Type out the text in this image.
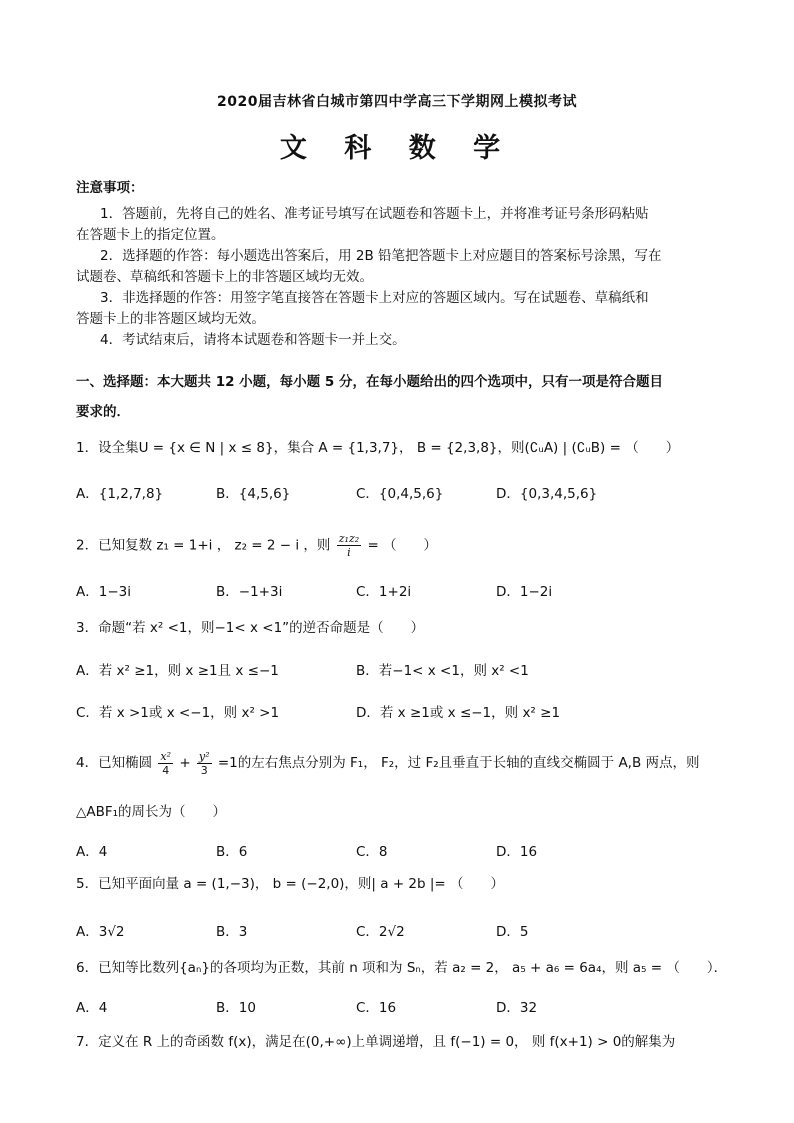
2020届吉林省白城市第四中学高三下学期网上模拟考试
文 科 数 学
注意事项：
1．答题前，先将自己的姓名、准考证号填写在试题卷和答题卡上，并将准考证号条形码粘贴
在答题卡上的指定位置。
2．选择题的作答：每小题选出答案后，用 2B 铅笔把答题卡上对应题目的答案标号涂黑，写在
试题卷、草稿纸和答题卡上的非答题区域均无效。
3．非选择题的作答：用签字笔直接答在答题卡上对应的答题区域内。写在试题卷、草稿纸和
答题卡上的非答题区域均无效。
4．考试结束后，请将本试题卷和答题卡一并上交。
一、选择题：本大题共 12 小题，每小题 5 分，在每小题给出的四个选项中，只有一项是符合题目
要求的．
1．设全集U = {x ∈ N | x ≤ 8}，集合 A = {1,3,7}， B = {2,3,8}，则(∁ᵤA) | (∁ᵤB) = （　　）
A．{1,2,7,8}	B．{4,5,6}	C．{0,4,5,6}	D．{0,3,4,5,6}
2．已知复数 z₁ = 1+i ， z₂ = 2 − i ，则 $\frac{\text{z₁z₂}}{i}$ = （　　）
A．1−3i	B．−1+3i	C．1+2i	D．1−2i
3．命题“若 x² <1，则−1< x <1”的逆否命题是（　　）
A．若 x² ≥1，则 x ≥1且 x ≤−1	B．若−1< x <1，则 x² <1
C．若 x >1或 x <−1，则 x² >1	D．若 x ≥1或 x ≤−1，则 x² ≥1
4．已知椭圆 $\frac{\text{x²}}{4} + \frac{\text{y²}}{3} =1$的左右焦点分别为 F₁， F₂，过 F₂且垂直于长轴的直线交椭圆于 A,B 两点，则
△ABF₁的周长为（　　）
A．4	B．6	C．8	D．16
5．已知平面向量 a = (1,−3)， b = (−2,0)，则| a + 2b |= （　　）
A．3√2	B．3	C．2√2	D．5
6．已知等比数列{aₙ}的各项均为正数，其前 n 项和为 Sₙ，若 a₂ = 2， a₅ + a₆ = 6a₄，则 a₅ = （　　）．
A．4	B．10	C．16	D．32
7．定义在 R 上的奇函数 f(x)，满足在(0,+∞)上单调递增，且 f(−1) = 0， 则 f(x+1) > 0的解集为
